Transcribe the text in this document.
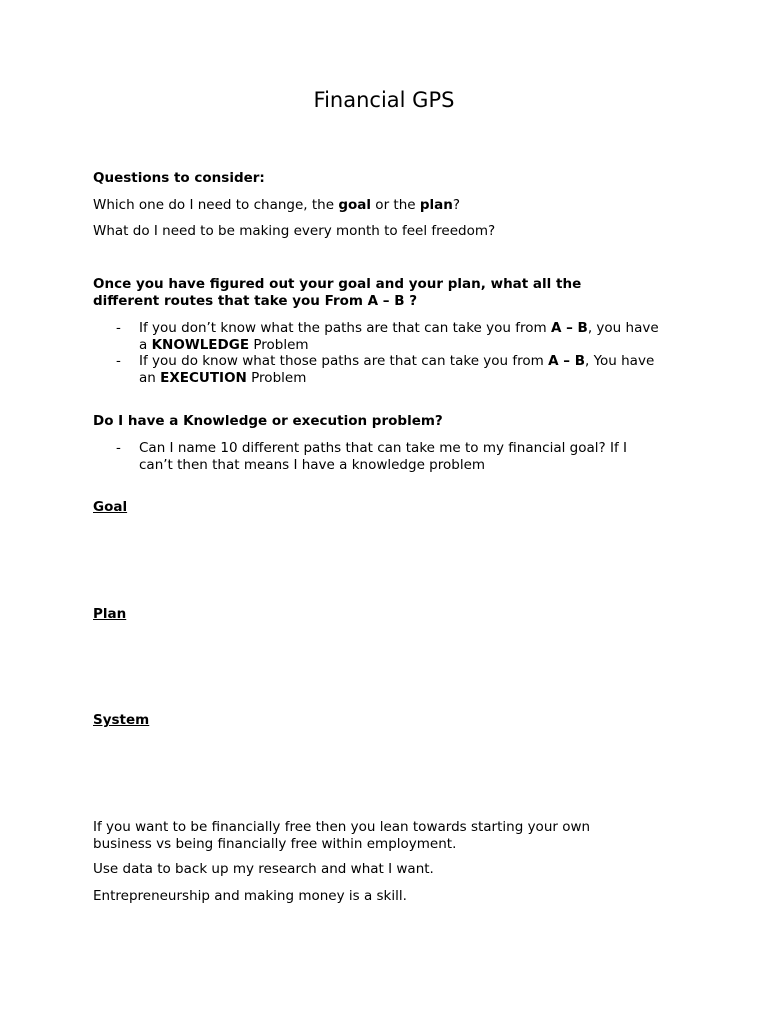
Financial GPS

Questions to consider:

Which one do I need to change, the goal or the plan?

What do I need to be making every month to feel freedom?

Once you have figured out your goal and your plan, what all the different routes that take you From A – B ?

- If you don’t know what the paths are that can take you from A – B, you have a KNOWLEDGE Problem
- If you do know what those paths are that can take you from A – B, You have an EXECUTION Problem

Do I have a Knowledge or execution problem?

- Can I name 10 different paths that can take me to my financial goal? If I can’t then that means I have a knowledge problem

Goal

Plan

System

If you want to be financially free then you lean towards starting your own business vs being financially free within employment.

Use data to back up my research and what I want.

Entrepreneurship and making money is a skill.
